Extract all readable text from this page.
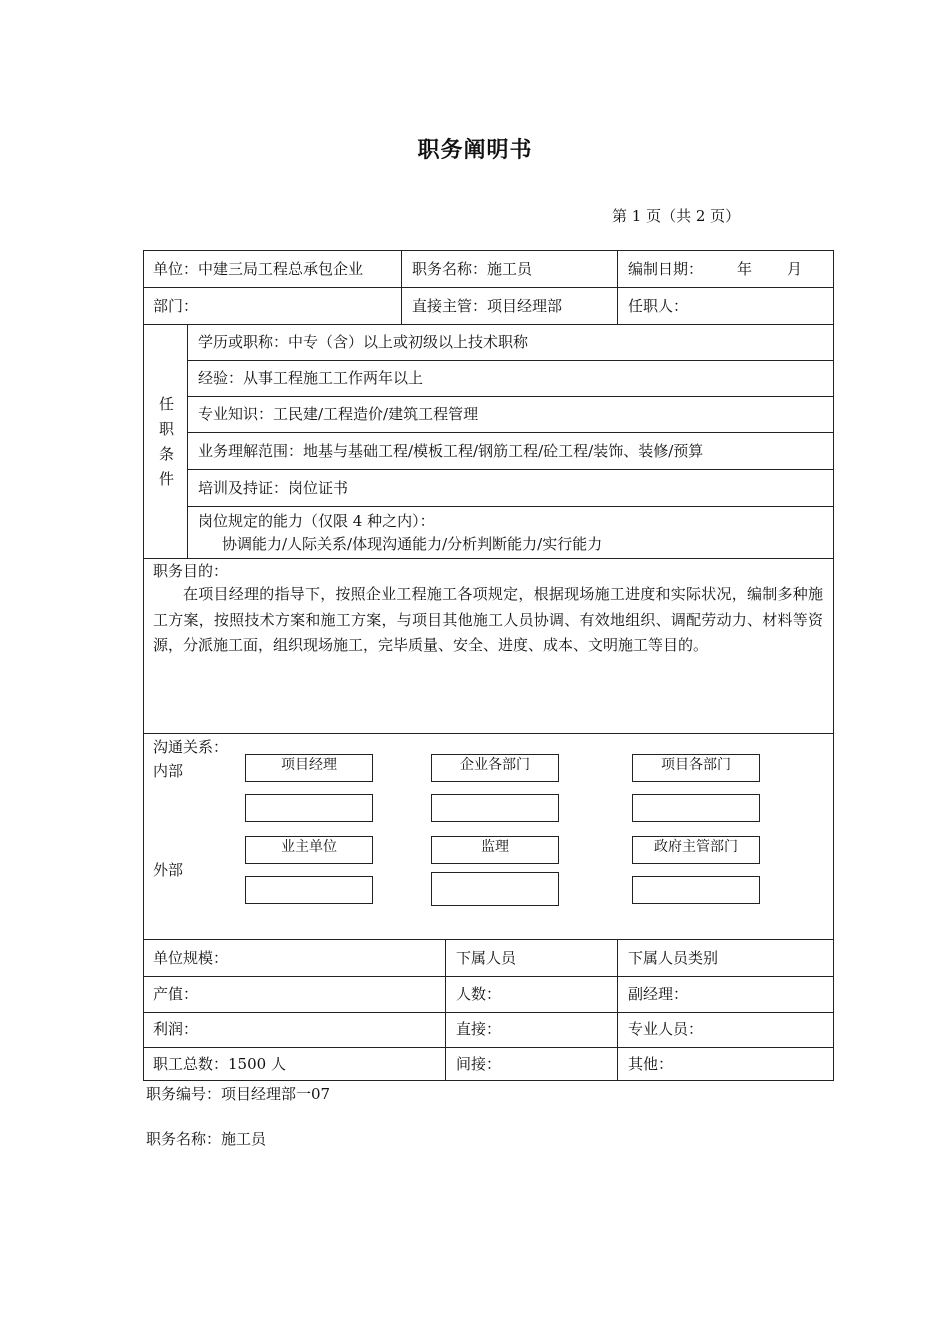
职务阐明书
第 1 页（共 2 页）
单位：中建三局工程总承包企业	职务名称：施工员	编制日期： 年 月
部门：	直接主管：项目经理部	任职人：
任
职
条
件
学历或职称：中专（含）以上或初级以上技术职称
经验：从事工程施工工作两年以上
专业知识：工民建/工程造价/建筑工程管理
业务理解范围：地基与基础工程/模板工程/钢筋工程/砼工程/装饰、装修/预算
培训及持证：岗位证书
岗位规定的能力（仅限 4 种之内）：
协调能力/人际关系/体现沟通能力/分析判断能力/实行能力
职务目的：
在项目经理的指导下，按照企业工程施工各项规定，根据现场施工进度和实际状况，编制多种施工方案，按照技术方案和施工方案，与项目其他施工人员协调、有效地组织、调配劳动力、材料等资源，分派施工面，组织现场施工，完毕质量、安全、进度、成本、文明施工等目的。
沟通关系：
内部
外部
项目经理	企业各部门	项目各部门
业主单位	监理	政府主管部门
单位规模：	下属人员	下属人员类别
产值：	人数：	副经理：
利润：	直接：	专业人员：
职工总数：1500 人	间接：	其他：
职务编号：项目经理部一07
职务名称：施工员
